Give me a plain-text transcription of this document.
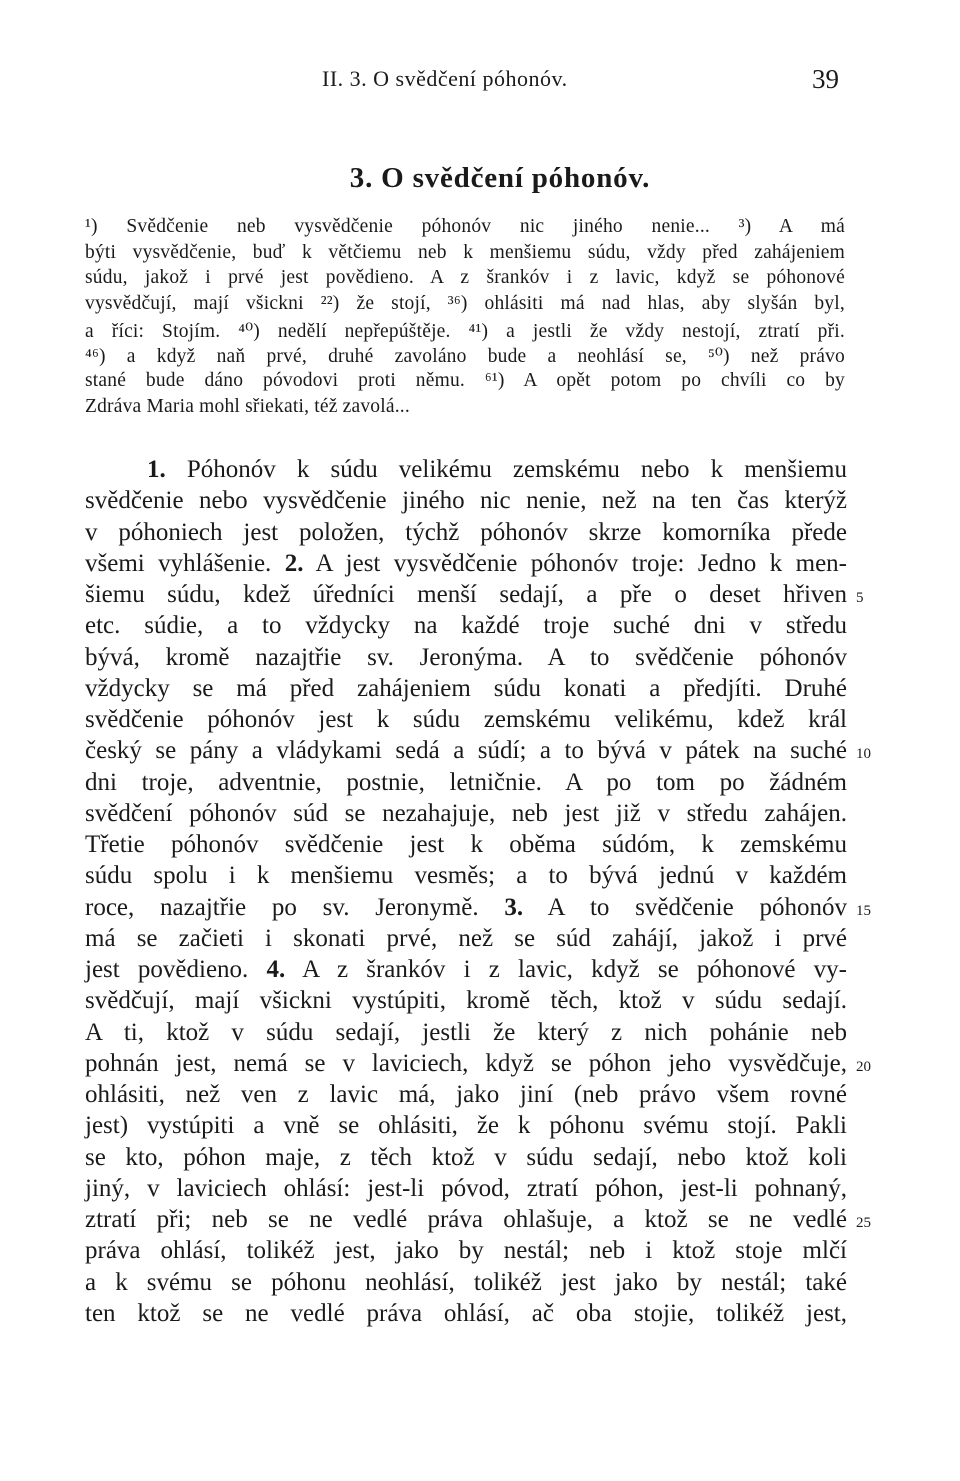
II. 3. O svědčení póhonóv.	39
3. O svědčení póhonóv.
¹) Svědčenie neb vysvědčenie póhonóv nic jiného nenie... ³) A má
býti vysvědčenie, buď k větčiemu neb k menšiemu súdu, vždy před zahájeniem
súdu, jakož i prvé jest povědieno. A z šrankóv i z lavic, když se póhonové
vysvědčují, mají všickni ²²) že stojí, ³⁶) ohlásiti má nad hlas, aby slyšán byl,
a říci: Stojím. ⁴⁰) nedělí nepřepúštěje. ⁴¹) a jestli že vždy nestojí, ztratí při.
⁴⁶) a když naň prvé, druhé zavoláno bude a neohlásí se, ⁵⁰) než právo
stané bude dáno póvodovi proti němu. ⁶¹) A opět potom po chvíli co by
Zdráva Maria mohl sřiekati, též zavolá...
1. Póhonóv k súdu velikému zemskému nebo k menšiemu
svědčenie nebo vysvědčenie jiného nic nenie, než na ten čas kterýž
v póhoniech jest položen, týchž póhonóv skrze komorníka přede
všemi vyhlášenie. 2. A jest vysvědčenie póhonóv troje: Jedno k men-
šiemu súdu, kdež úředníci menší sedají, a pře o deset hřiven
etc. súdie, a to vždycky na každé troje suché dni v středu
bývá, kromě nazajtřie sv. Jeronýma. A to svědčenie póhonóv
vždycky se má před zahájeniem súdu konati a předjíti. Druhé
svědčenie póhonóv jest k súdu zemskému velikému, kdež král
český se pány a vládykami sedá a súdí; a to bývá v pátek na suché
dni troje, adventnie, postnie, letničnie. A po tom po žádném
svědčení póhonóv súd se nezahajuje, neb jest již v středu zahájen.
Třetie póhonóv svědčenie jest k oběma súdóm, k zemskému
súdu spolu i k menšiemu vesměs; a to bývá jednú v každém
roce, nazajtřie po sv. Jeronymě. 3. A to svědčenie póhonóv
má se začieti i skonati prvé, než se súd zahájí, jakož i prvé
jest povědieno. 4. A z šrankóv i z lavic, když se póhonové vy-
svědčují, mají všickni vystúpiti, kromě těch, ktož v súdu sedají.
A ti, ktož v súdu sedají, jestli že který z nich pohánie neb
pohnán jest, nemá se v laviciech, když se póhon jeho vysvědčuje,
ohlásiti, než ven z lavic má, jako jiní (neb právo všem rovné
jest) vystúpiti a vně se ohlásiti, že k póhonu svému stojí. Pakli
se kto, póhon maje, z těch ktož v súdu sedají, nebo ktož koli
jiný, v laviciech ohlásí: jest-li póvod, ztratí póhon, jest-li pohnaný,
ztratí při; neb se ne vedlé práva ohlašuje, a ktož se ne vedlé
práva ohlásí, tolikéž jest, jako by nestál; neb i ktož stoje mlčí
a k svému se póhonu neohlásí, tolikéž jest jako by nestál; také
ten ktož se ne vedlé práva ohlásí, ač oba stojie, tolikéž jest,
5
10
15
20
25
